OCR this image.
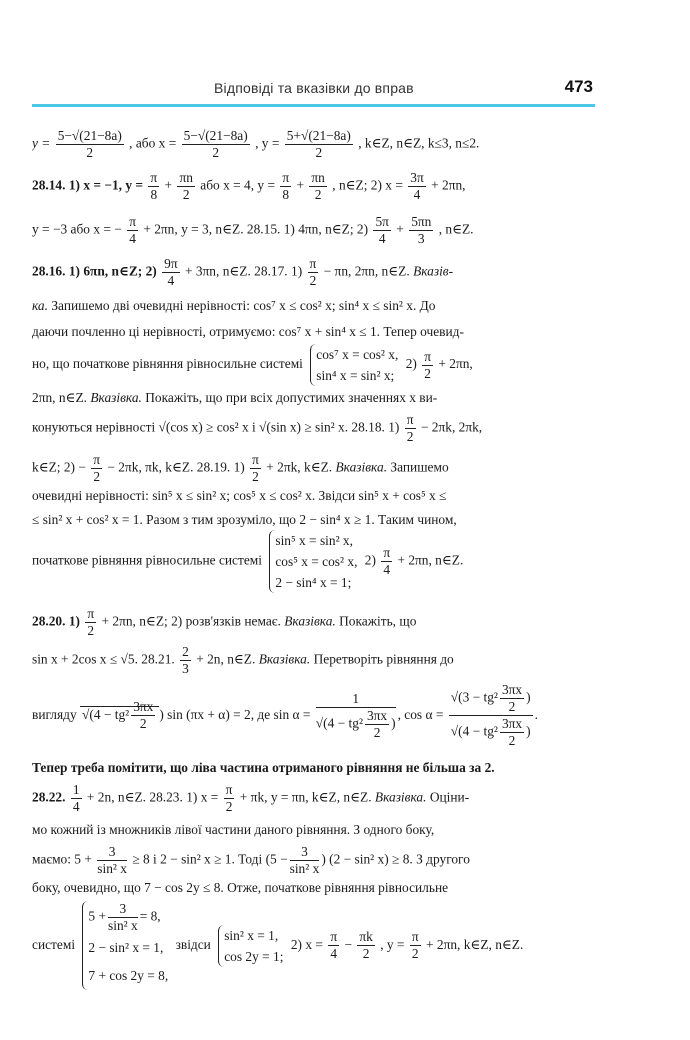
Відповіді та вказівки до вправ	473
$y = \frac{5-√(21-8a)}{2}$ , або $x = \frac{5-√(21-8a)}{2}$ , $y = \frac{5+√(21-8a)}{2}$ , k∈Z, n∈Z, k≤3, n≤2.
28.14. 1) x = −1, $y = \frac{\pi}{8} + \frac{\pi n}{2}$ або x = 4, $y = \frac{\pi}{8} + \frac{\pi n}{2}$ , n∈Z; 2) $x = \frac{3\pi}{4} + 2\pi n$,
y = −3 або x = − $\frac{\pi}{4} + 2\pi n$, y = 3, n∈Z. 28.15. 1) 4πn, n∈Z; $2) \frac{5\pi}{4} + \frac{5\pi n}{3}$ , n∈Z.
28.16. 1) 6πn, n∈Z; $2) \frac{9\pi}{4} + 3\pi n$, n∈Z. 28.17. $1) \frac{\pi}{2} - \pi n$, 2πn, n∈Z. Вказів-
ка. Запишемо дві очевидні нерівності: cos⁷ x ≤ cos² x; sin⁴ x ≤ sin² x. До
даючи почленно ці нерівності, отримуємо: cos⁷ x + sin⁴ x ≤ 1. Тепер очевид-
но, що початкове рівняння рівносильне системі
cos⁷ x = cos² x,
sin⁴ x = sin² x;
$2) \frac{\pi}{2} + 2\pi n$,
2πn, n∈Z. Вказівка. Покажіть, що при всіх допустимих значеннях x ви-
конуються нерівності √(cos x) ≥ cos² x і √(sin x) ≥ sin² x. 28.18. $1) \frac{\pi}{2} - 2\pi k$, 2πk,
k∈Z; $2) - \frac{\pi}{2} - 2\pi k$, πk, k∈Z. 28.19. $1) \frac{\pi}{2} + 2\pi k$, k∈Z. Вказівка. Запишемо
очевидні нерівності: sin⁵ x ≤ sin² x; cos⁵ x ≤ cos² x. Звідси sin⁵ x + cos⁵ x ≤
≤ sin² x + cos² x = 1. Разом з тим зрозуміло, що 2 − sin⁴ x ≥ 1. Таким чином,
початкове рівняння рівносильне системі
sin⁵ x = sin² x,
cos⁵ x = cos² x,
2 − sin⁴ x = 1;
$2) \frac{\pi}{4} + 2\pi n$, n∈Z.
28.20. $1) \frac{\pi}{2} + 2\pi n$, n∈Z; 2) розв'язків немає. Вказівка. Покажіть, що
sin x + 2cos x ≤ √5. 28.21. $\frac{2}{3} + 2n$, n∈Z. Вказівка. Перетворіть рівняння до
вигляду $√(4 - tg^2 \frac{3\pi x}{2}$ ) sin (πx + α) = 2, де $\sin \alpha = \frac{1}{√(4 - tg^2 \frac{3\pi x}{2} )}$ , $\cos \alpha = \frac{√(3 - tg^2 \frac{3\pi x}{2} )}{√(4 - tg^2 \frac{3\pi x}{2} )}$ .
Тепер треба помітити, що ліва частина отриманого рівняння не більша за 2.
28.22. $\frac{1}{4} + 2n$, n∈Z. 28.23. 1) $x = \frac{\pi}{2} + \pi k$, y = πn, k∈Z, n∈Z. Вказівка. Оціни-
мо кожний із множників лівої частини даного рівняння. З одного боку,
маємо: $5 + \frac{3}{\text{sin² x}} \ge 8$ і 2 − sin² x ≥ 1. Тоді ($5 - \frac{3}{\text{sin² x}}$ ) (2 − sin² x) ≥ 8. З другого
боку, очевидно, що 7 − cos 2y ≤ 8. Отже, початкове рівняння рівносильне
системі
$5 + \frac{3}{\text{sin² x}} = 8$,
2 − sin² x = 1,
7 + cos 2y = 8,
звідси
sin² x = 1,
cos 2y = 1;
2) $x = \frac{\pi}{4} - \frac{\pi k}{2}$ , $y = \frac{\pi}{2} + 2\pi n$, k∈Z, n∈Z.
